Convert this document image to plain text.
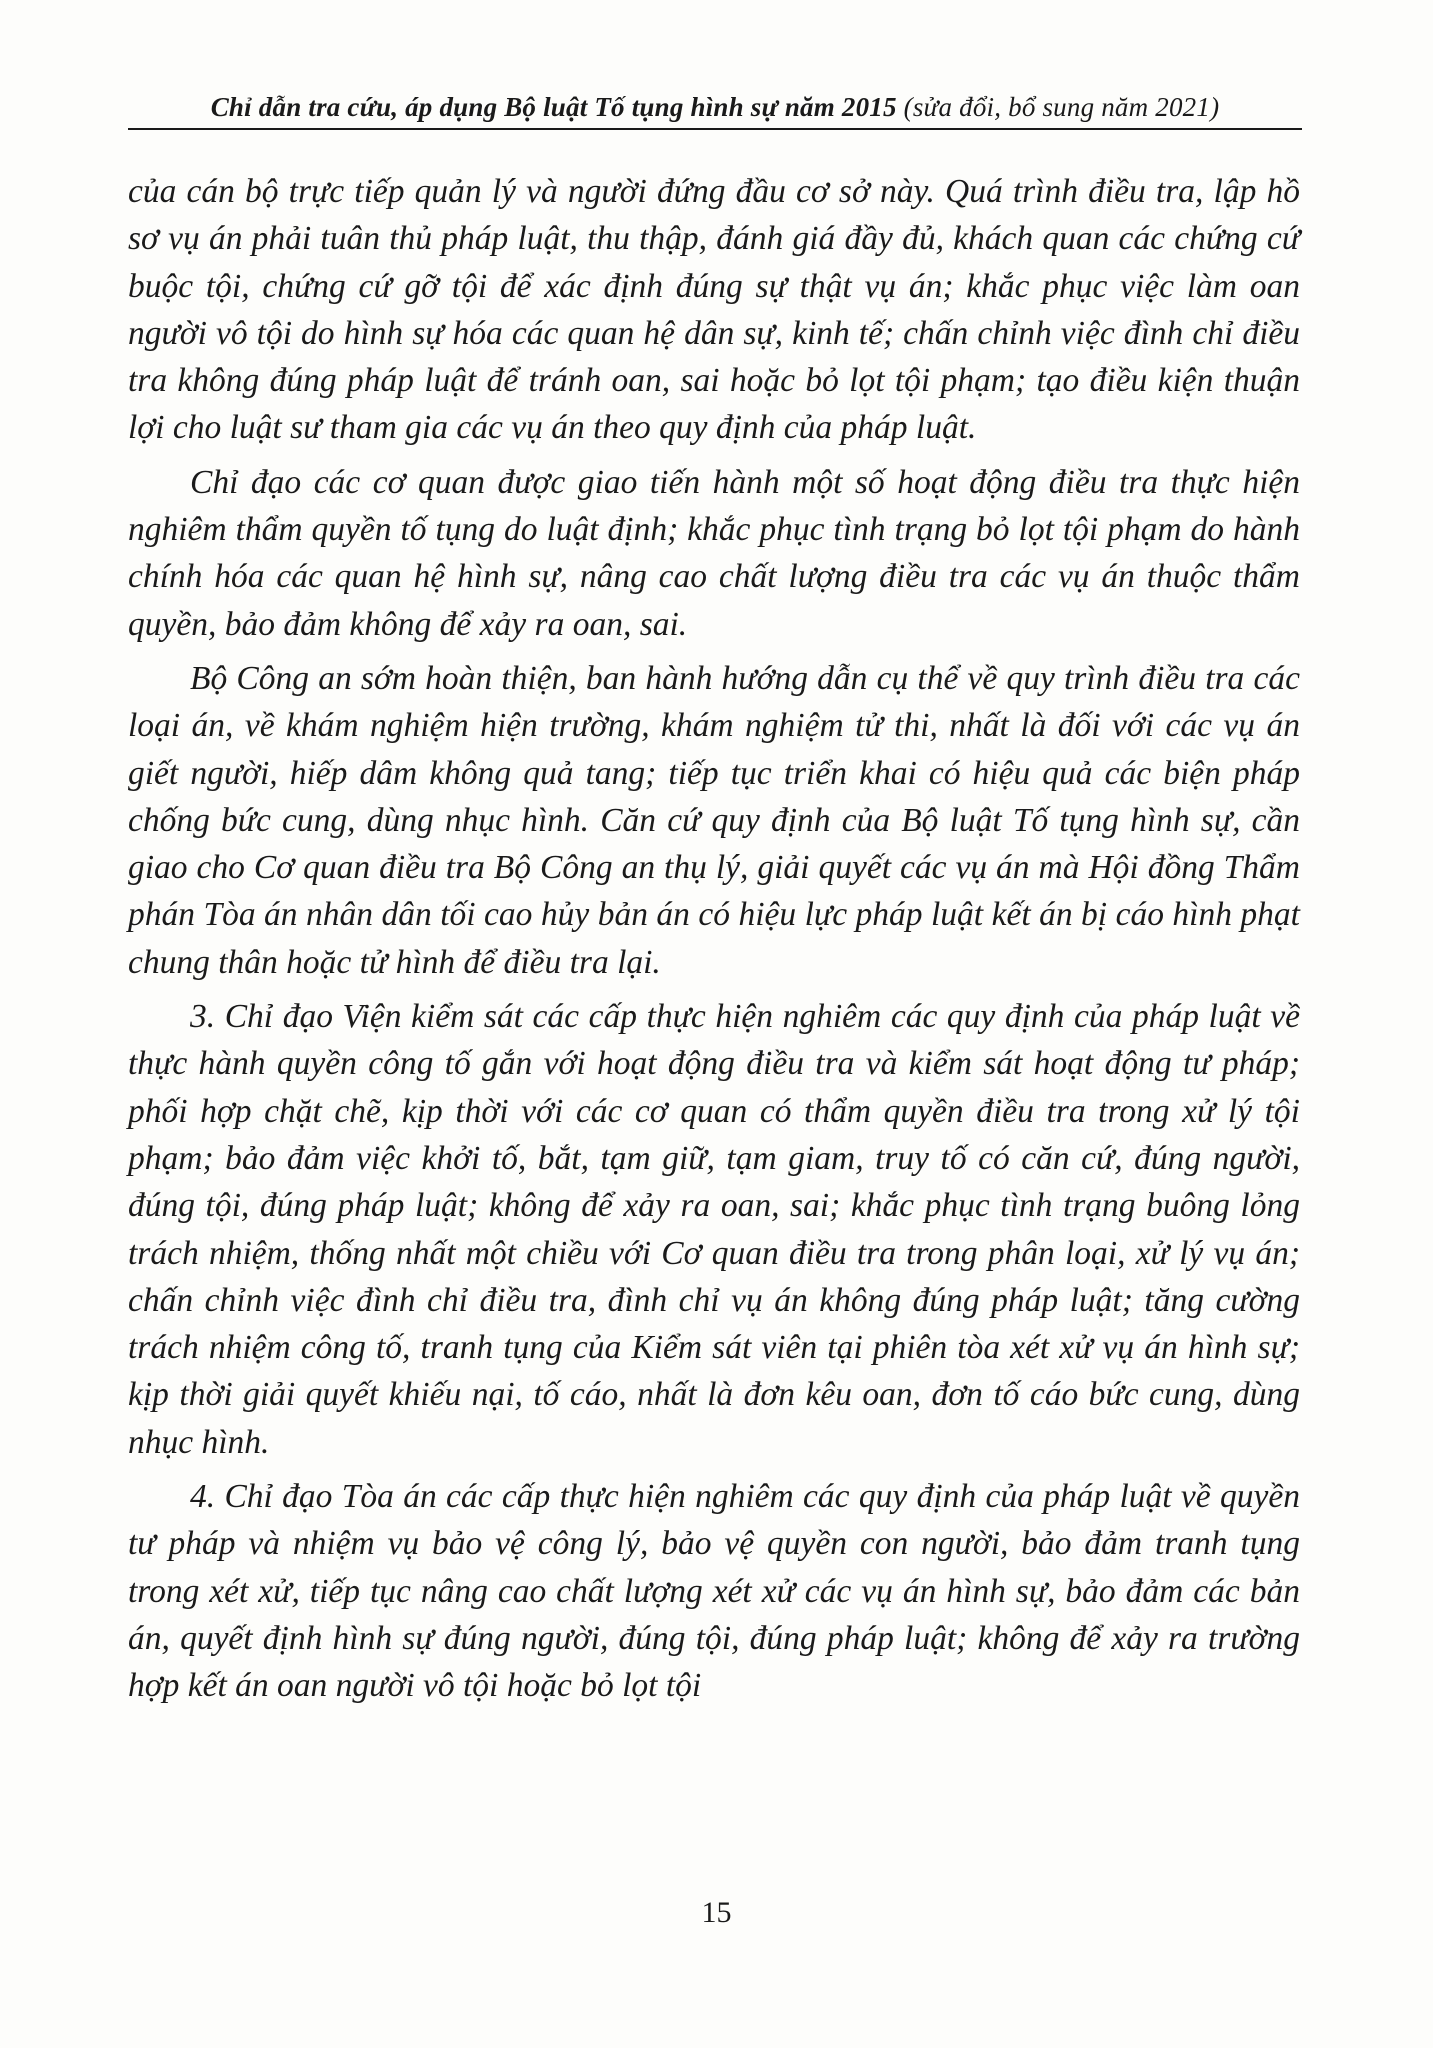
Chỉ dẫn tra cứu, áp dụng Bộ luật Tố tụng hình sự năm 2015 (sửa đổi, bổ sung năm 2021)

của cán bộ trực tiếp quản lý và người đứng đầu cơ sở này. Quá trình điều tra, lập hồ sơ vụ án phải tuân thủ pháp luật, thu thập, đánh giá đầy đủ, khách quan các chứng cứ buộc tội, chứng cứ gỡ tội để xác định đúng sự thật vụ án; khắc phục việc làm oan người vô tội do hình sự hóa các quan hệ dân sự, kinh tế; chấn chỉnh việc đình chỉ điều tra không đúng pháp luật để tránh oan, sai hoặc bỏ lọt tội phạm; tạo điều kiện thuận lợi cho luật sư tham gia các vụ án theo quy định của pháp luật.

Chỉ đạo các cơ quan được giao tiến hành một số hoạt động điều tra thực hiện nghiêm thẩm quyền tố tụng do luật định; khắc phục tình trạng bỏ lọt tội phạm do hành chính hóa các quan hệ hình sự, nâng cao chất lượng điều tra các vụ án thuộc thẩm quyền, bảo đảm không để xảy ra oan, sai.

Bộ Công an sớm hoàn thiện, ban hành hướng dẫn cụ thể về quy trình điều tra các loại án, về khám nghiệm hiện trường, khám nghiệm tử thi, nhất là đối với các vụ án giết người, hiếp dâm không quả tang; tiếp tục triển khai có hiệu quả các biện pháp chống bức cung, dùng nhục hình. Căn cứ quy định của Bộ luật Tố tụng hình sự, cần giao cho Cơ quan điều tra Bộ Công an thụ lý, giải quyết các vụ án mà Hội đồng Thẩm phán Tòa án nhân dân tối cao hủy bản án có hiệu lực pháp luật kết án bị cáo hình phạt chung thân hoặc tử hình để điều tra lại.

3. Chỉ đạo Viện kiểm sát các cấp thực hiện nghiêm các quy định của pháp luật về thực hành quyền công tố gắn với hoạt động điều tra và kiểm sát hoạt động tư pháp; phối hợp chặt chẽ, kịp thời với các cơ quan có thẩm quyền điều tra trong xử lý tội phạm; bảo đảm việc khởi tố, bắt, tạm giữ, tạm giam, truy tố có căn cứ, đúng người, đúng tội, đúng pháp luật; không để xảy ra oan, sai; khắc phục tình trạng buông lỏng trách nhiệm, thống nhất một chiều với Cơ quan điều tra trong phân loại, xử lý vụ án; chấn chỉnh việc đình chỉ điều tra, đình chỉ vụ án không đúng pháp luật; tăng cường trách nhiệm công tố, tranh tụng của Kiểm sát viên tại phiên tòa xét xử vụ án hình sự; kịp thời giải quyết khiếu nại, tố cáo, nhất là đơn kêu oan, đơn tố cáo bức cung, dùng nhục hình.

4. Chỉ đạo Tòa án các cấp thực hiện nghiêm các quy định của pháp luật về quyền tư pháp và nhiệm vụ bảo vệ công lý, bảo vệ quyền con người, bảo đảm tranh tụng trong xét xử, tiếp tục nâng cao chất lượng xét xử các vụ án hình sự, bảo đảm các bản án, quyết định hình sự đúng người, đúng tội, đúng pháp luật; không để xảy ra trường hợp kết án oan người vô tội hoặc bỏ lọt tội

15
